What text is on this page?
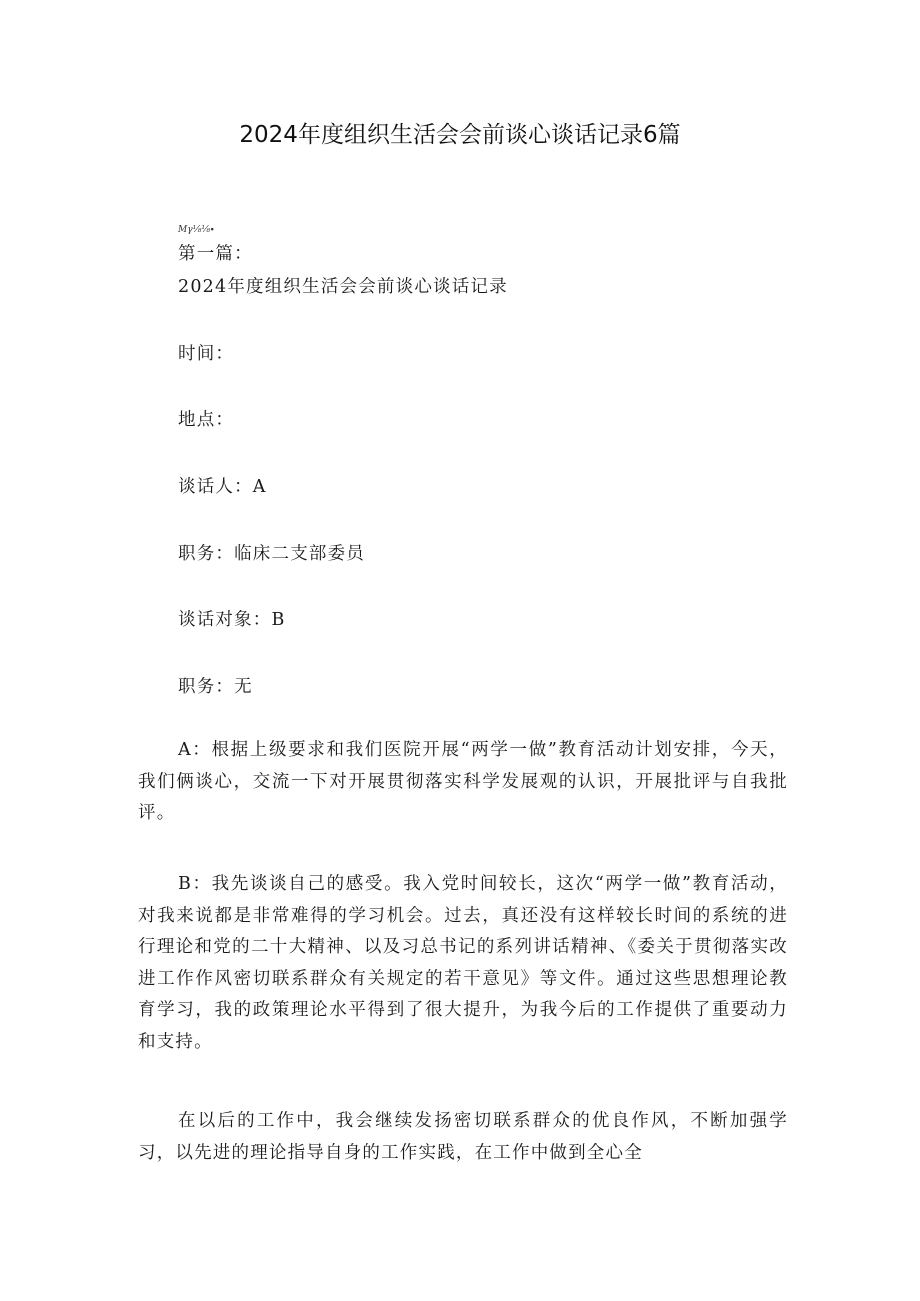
2024年度组织生活会会前谈心谈话记录6篇
Mγ⅛⅛∙
第一篇：
2024年度组织生活会会前谈心谈话记录
时间：
地点：
谈话人：A
职务：临床二支部委员
谈话对象：B
职务：无
A：根据上级要求和我们医院开展“两学一做”教育活动计划安排，今天，我们俩谈心，交流一下对开展贯彻落实科学发展观的认识，开展批评与自我批评。
B：我先谈谈自己的感受。我入党时间较长，这次“两学一做”教育活动，对我来说都是非常难得的学习机会。过去，真还没有这样较长时间的系统的进行理论和党的二十大精神、以及习总书记的系列讲话精神、《委关于贯彻落实改进工作作风密切联系群众有关规定的若干意见》等文件。通过这些思想理论教育学习，我的政策理论水平得到了很大提升，为我今后的工作提供了重要动力和支持。
在以后的工作中，我会继续发扬密切联系群众的优良作风，不断加强学习，以先进的理论指导自身的工作实践，在工作中做到全心全
